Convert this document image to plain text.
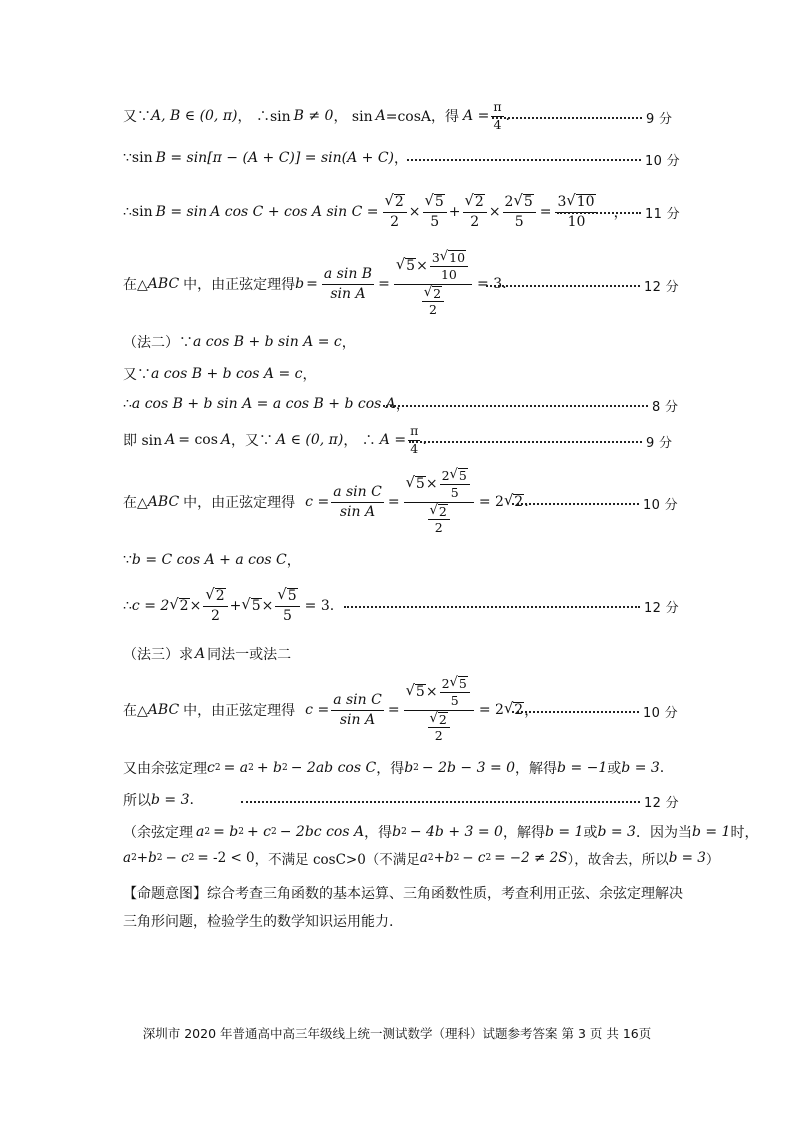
又∵ A, B ∈ (0, π) ， ∴sin B ≠ 0 ， sin A =cosA，得 $A = \frac{\pi}{4}$ .	9 分
∵sin B = sin[π − (A + C)] = sin(A + C) ，	10 分
∴sin B = sin A cos C + cos A $\sin C = \frac{√ 2}{2} \times \frac{√ 5}{5} + \frac{√ 2}{2} \times \frac{2 √ 5}{5} = \frac{3 √ 10}{10}$ ， 11 分
在△ ABC 中，由正弦定理得 $b = \frac{\text{a sin B}}{\text{sin A}} = \frac{√ 5 \times \frac{3 √ 10}{10}}{\frac{√ 2}{2}} = 3$.	12 分
（法二）∵ a cos B + b sin A = c ，
又∵ a cos B + b cos A = c ，
∴ a cos B + b sin A = a cos B + b cos A ，	8 分
即 sin A = cos A ，又∵ A ∈ (0, π) ， ∴ $A = \frac{\pi}{4}$ .	9 分
在△ ABC 中，由正弦定理得 $c = \frac{\text{a sin C}}{\text{sin A}} = \frac{√ 5 \times \frac{2 √ 5}{5}}{\frac{√ 2}{2}} = 2$ √ 2 .	10 分
∵ b = C cos A + a cos C ，
∴ c = 2 √ $2 \times \frac{√ 2}{2}$ + √ $5 \times \frac{√ 5}{5} = 3$.	12 分
（法三）求 A 同法一或法二
在△ ABC 中，由正弦定理得 $c = \frac{\text{a sin C}}{\text{sin A}} = \frac{√ 5 \times \frac{2 √ 5}{5}}{\frac{√ 2}{2}} = 2$ √ 2 ，	10 分
又由余弦定理 c 2 = a 2 + b 2 − 2ab cos C ，得 b 2 − 2b − 3 = 0 ，解得 b = −1 或 b = 3 .
所以 b = 3 .	12 分
（余弦定理 a 2 = b 2 + c 2 − 2bc cos A ，得 b 2 − 4b + 3 = 0 ，解得 b = 1 或 b = 3 ．因为当 b = 1 时，
a 2 +b 2 − c 2 = -2 < 0 ，不满足 cosC>0（不满足 a 2 +b 2 − c 2 = −2 ≠ 2S ），故舍去，所以 b = 3 ）
【命题意图】综合考查三角函数的基本运算、三角函数性质，考查利用正弦、余弦定理解决三角形问题，检验学生的数学知识运用能力.
深圳市 2020 年普通高中高三年级线上统一测试数学（理科）试题参考答案 第 3 页 共 16页
